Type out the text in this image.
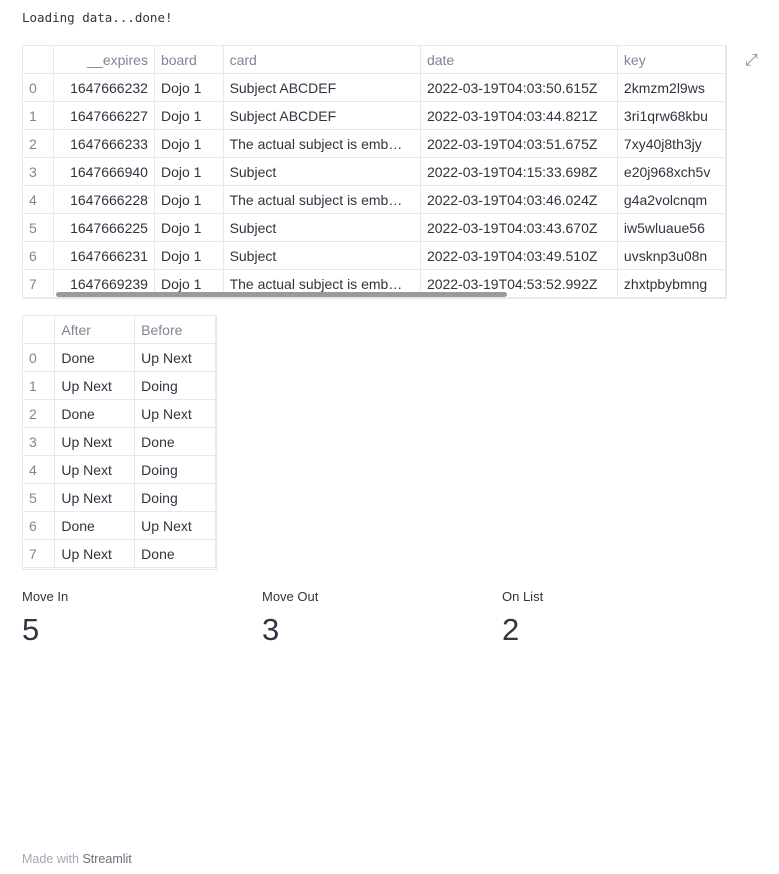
Loading data...done!
	__expires	board	card	date	key
0	1647666232	Dojo 1	Subject ABCDEF	2022-03-19T04:03:50.615Z	2kmzm2l9ws
1	1647666227	Dojo 1	Subject ABCDEF	2022-03-19T04:03:44.821Z	3ri1qrw68kbu
2	1647666233	Dojo 1	The actual subject is emb…	2022-03-19T04:03:51.675Z	7xy40j8th3jy
3	1647666940	Dojo 1	Subject	2022-03-19T04:15:33.698Z	e20j968xch5v
4	1647666228	Dojo 1	The actual subject is emb…	2022-03-19T04:03:46.024Z	g4a2volcnqm
5	1647666225	Dojo 1	Subject	2022-03-19T04:03:43.670Z	iw5wluaue56
6	1647666231	Dojo 1	Subject	2022-03-19T04:03:49.510Z	uvsknp3u08n
7	1647669239	Dojo 1	The actual subject is emb…	2022-03-19T04:53:52.992Z	zhxtpbybmng
⤢
	After	Before
0	Done	Up Next
1	Up Next	Doing
2	Done	Up Next
3	Up Next	Done
4	Up Next	Doing
5	Up Next	Doing
6	Done	Up Next
7	Up Next	Done
Move In
5
Move Out
3
On List
2
Made with Streamlit
